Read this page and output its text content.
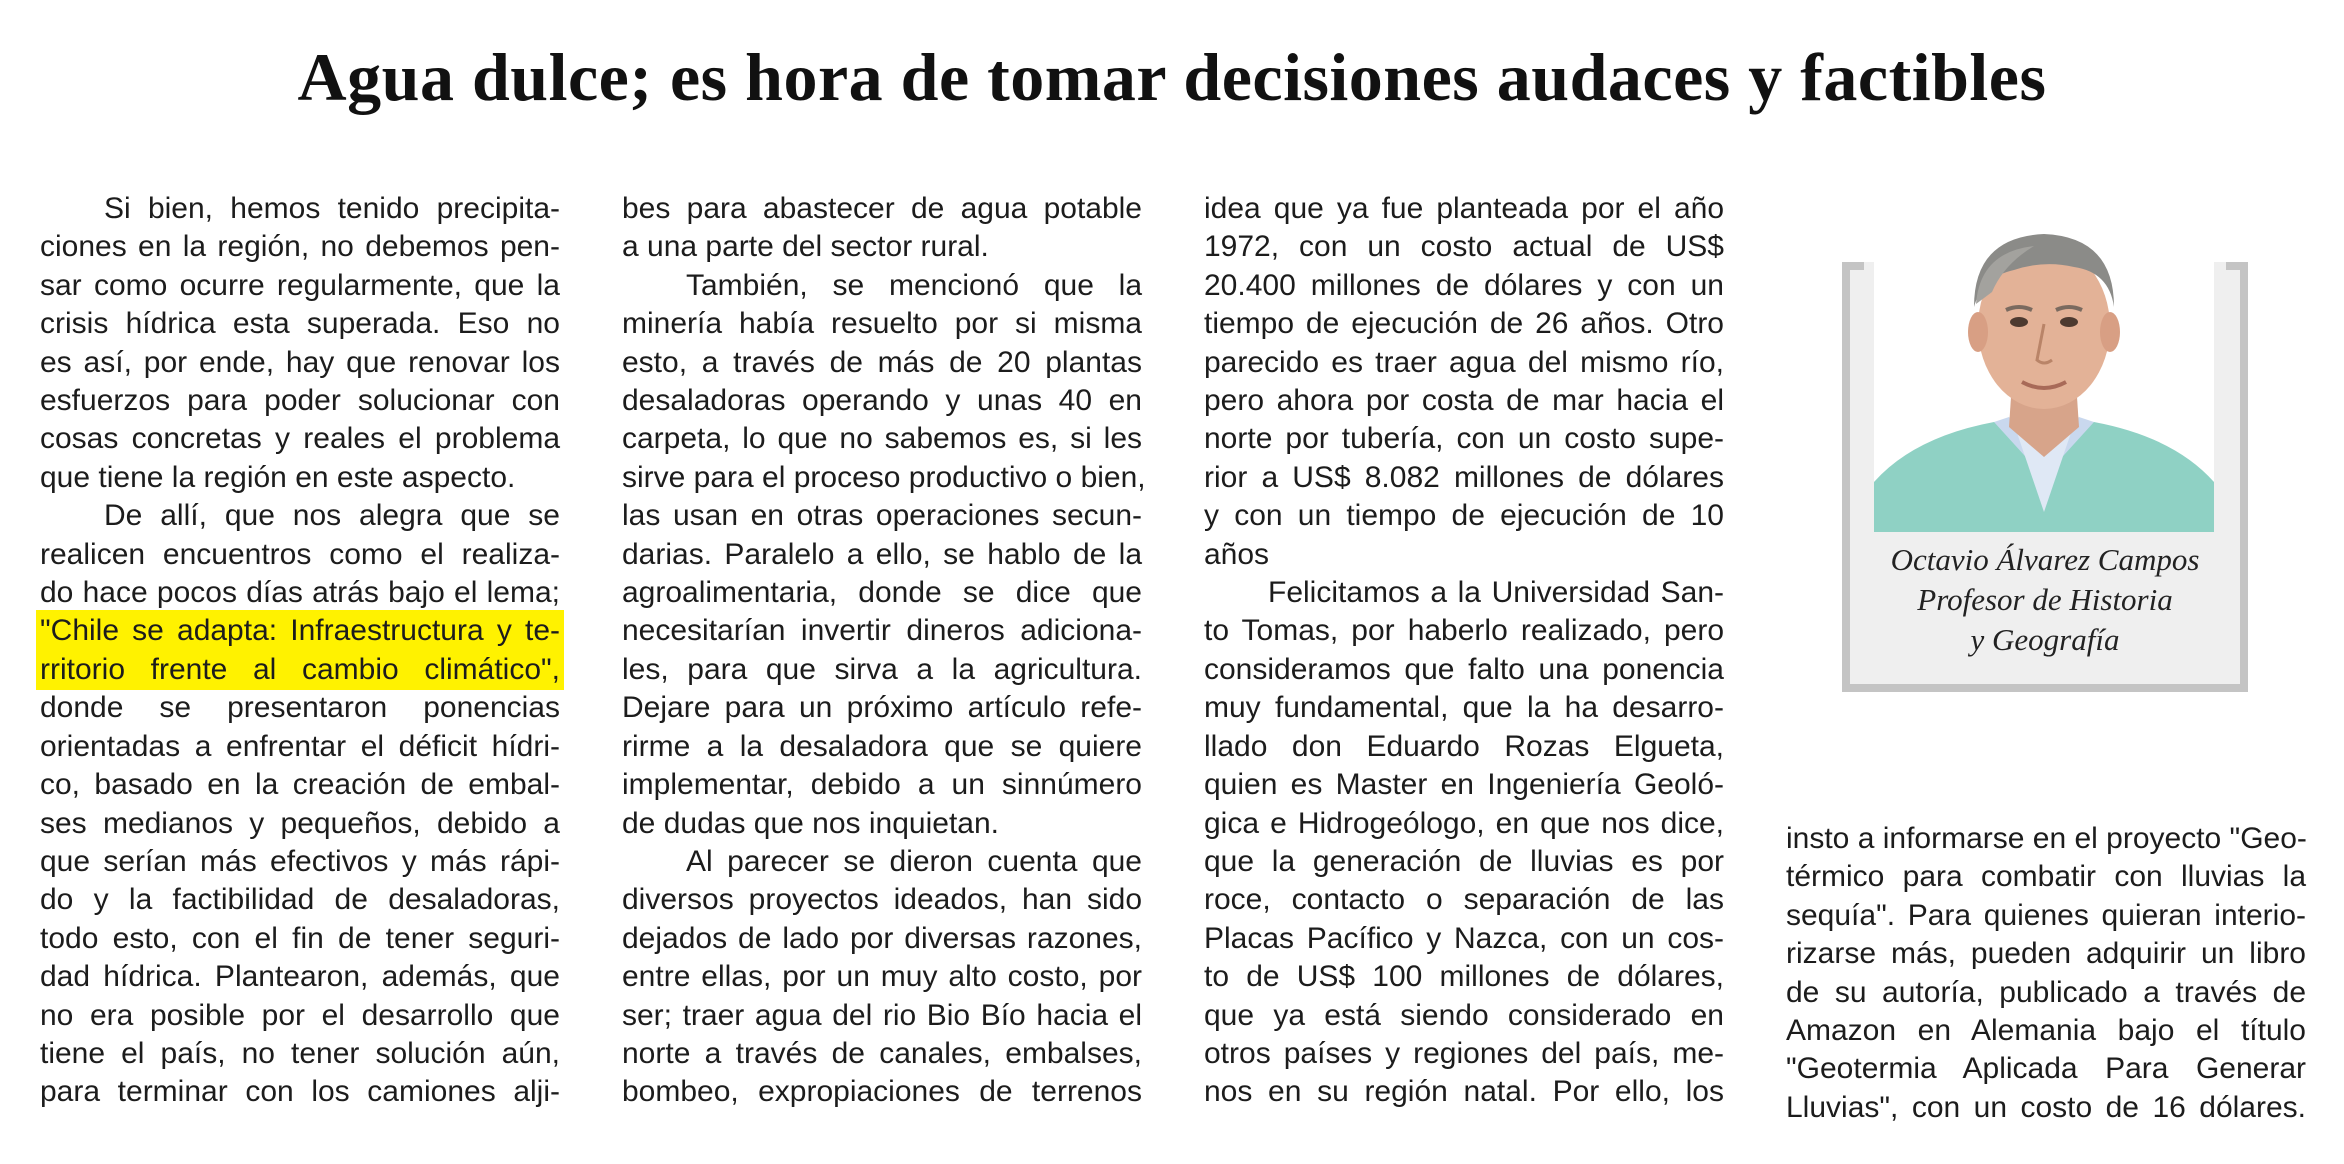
Agua dulce; es hora de tomar decisiones audaces y factibles
Si bien, hemos tenido precipita-
ciones en la región, no debemos pen-
sar como ocurre regularmente, que la
crisis hídrica esta superada. Eso no
es así, por ende, hay que renovar los
esfuerzos para poder solucionar con
cosas concretas y reales el problema
que tiene la región en este aspecto.
De allí, que nos alegra que se
realicen encuentros como el realiza-
do hace pocos días atrás bajo el lema;
"Chile se adapta: Infraestructura y te-
rritorio frente al cambio climático",
donde se presentaron ponencias
orientadas a enfrentar el déficit hídri-
co, basado en la creación de embal-
ses medianos y pequeños, debido a
que serían más efectivos y más rápi-
do y la factibilidad de desaladoras,
todo esto, con el fin de tener seguri-
dad hídrica. Plantearon, además, que
no era posible por el desarrollo que
tiene el país, no tener solución aún,
para terminar con los camiones alji-
bes para abastecer de agua potable
a una parte del sector rural.
También, se mencionó que la
minería había resuelto por si misma
esto, a través de más de 20 plantas
desaladoras operando y unas 40 en
carpeta, lo que no sabemos es, si les
sirve para el proceso productivo o bien,
las usan en otras operaciones secun-
darias. Paralelo a ello, se hablo de la
agroalimentaria, donde se dice que
necesitarían invertir dineros adiciona-
les, para que sirva a la agricultura.
Dejare para un próximo artículo refe-
rirme a la desaladora que se quiere
implementar, debido a un sinnúmero
de dudas que nos inquietan.
Al parecer se dieron cuenta que
diversos proyectos ideados, han sido
dejados de lado por diversas razones,
entre ellas, por un muy alto costo, por
ser; traer agua del rio Bio Bío hacia el
norte a través de canales, embalses,
bombeo, expropiaciones de terrenos
idea que ya fue planteada por el año
1972, con un costo actual de US$
20.400 millones de dólares y con un
tiempo de ejecución de 26 años. Otro
parecido es traer agua del mismo río,
pero ahora por costa de mar hacia el
norte por tubería, con un costo supe-
rior a US$ 8.082 millones de dólares
y con un tiempo de ejecución de 10
años
Felicitamos a la Universidad San-
to Tomas, por haberlo realizado, pero
consideramos que falto una ponencia
muy fundamental, que la ha desarro-
llado don Eduardo Rozas Elgueta,
quien es Master en Ingeniería Geoló-
gica e Hidrogeólogo, en que nos dice,
que la generación de lluvias es por
roce, contacto o separación de las
Placas Pacífico y Nazca, con un cos-
to de US$ 100 millones de dólares,
que ya está siendo considerado en
otros países y regiones del país, me-
nos en su región natal. Por ello, los
insto a informarse en el proyecto "Geo-
térmico para combatir con lluvias la
sequía". Para quienes quieran interio-
rizarse más, pueden adquirir un libro
de su autoría, publicado a través de
Amazon en Alemania bajo el título
"Geotermia Aplicada Para Generar
Lluvias", con un costo de 16 dólares.
Octavio Álvarez Campos
Profesor de Historia
y Geografía
